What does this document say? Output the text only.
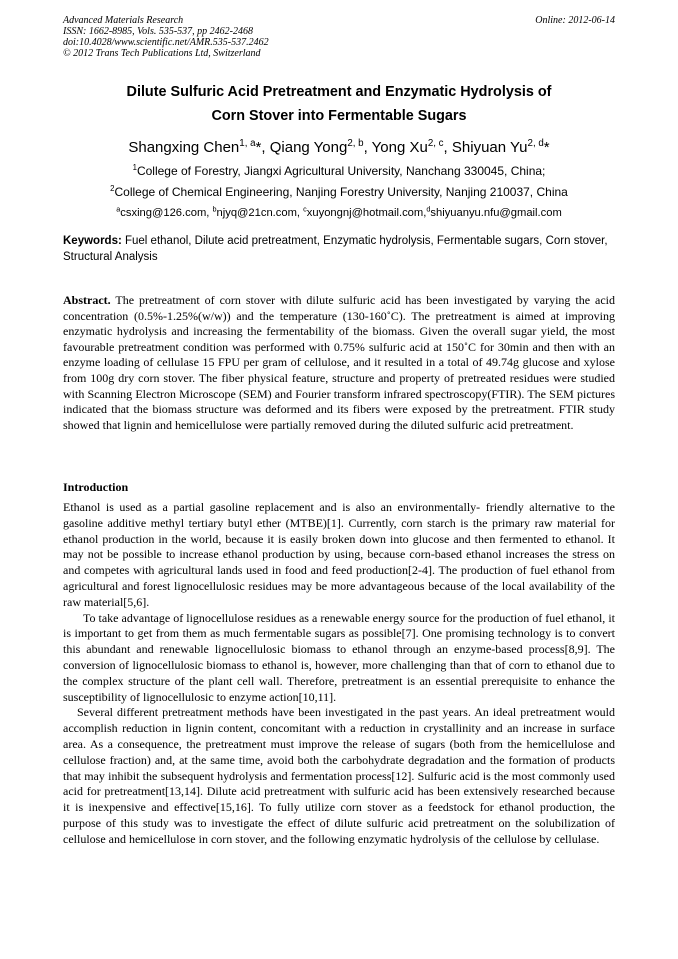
Advanced Materials Research
ISSN: 1662-8985, Vols. 535-537, pp 2462-2468
doi:10.4028/www.scientific.net/AMR.535-537.2462
© 2012 Trans Tech Publications Ltd, Switzerland
Online: 2012-06-14
Dilute Sulfuric Acid Pretreatment and Enzymatic Hydrolysis of
Corn Stover into Fermentable Sugars
Shangxing Chen$^{1, a}$*, Qiang Yong$^{2, b}$, Yong Xu$^{2, c}$, Shiyuan Yu$^{2, d}$*
$^1$College of Forestry, Jiangxi Agricultural University, Nanchang 330045, China;
$^2$College of Chemical Engineering, Nanjing Forestry University, Nanjing 210037, China
$^a$csxing@126.com, $^b$njyq@21cn.com, $^c$xuyongnj@hotmail.com,$^d$shiyuanyu.nfu@gmail.com
Keywords: Fuel ethanol, Dilute acid pretreatment, Enzymatic hydrolysis, Fermentable sugars, Corn stover, Structural Analysis
Abstract. The pretreatment of corn stover with dilute sulfuric acid has been investigated by varying the acid concentration (0.5%-1.25%(w/w)) and the temperature (130-160˚C). The pretreatment is aimed at improving enzymatic hydrolysis and increasing the fermentability of the biomass. Given the overall sugar yield, the most favourable pretreatment condition was performed with 0.75% sulfuric acid at 150˚C for 30min and then with an enzyme loading of cellulase 15 FPU per gram of cellulose, and it resulted in a total of 49.74g glucose and xylose from 100g dry corn stover. The fiber physical feature, structure and property of pretreated residues were studied with Scanning Electron Microscope (SEM) and Fourier transform infrared spectroscopy(FTIR). The SEM pictures indicated that the biomass structure was deformed and its fibers were exposed by the pretreatment. FTIR study showed that lignin and hemicellulose were partially removed during the diluted sulfuric acid pretreatment.
Introduction

Ethanol is used as a partial gasoline replacement and is also an environmentally- friendly alternative to the gasoline additive methyl tertiary butyl ether (MTBE)[1]. Currently, corn starch is the primary raw material for ethanol production in the world, because it is easily broken down into glucose and then fermented to ethanol. It may not be possible to increase ethanol production by using, because corn-based ethanol increases the stress on and competes with agricultural lands used in food and feed production[2-4]. The production of fuel ethanol from agricultural and forest lignocellulosic residues may be more advantageous because of the local availability of the raw material[5,6].

To take advantage of lignocellulose residues as a renewable energy source for the production of fuel ethanol, it is important to get from them as much fermentable sugars as possible[7]. One promising technology is to convert this abundant and renewable lignocellulosic biomass to ethanol through an enzyme-based process[8,9]. The conversion of lignocellulosic biomass to ethanol is, however, more challenging than that of corn to ethanol due to the complex structure of the plant cell wall. Therefore, pretreatment is an essential prerequisite to enhance the susceptibility of lignocellulosic to enzyme action[10,11].

Several different pretreatment methods have been investigated in the past years. An ideal pretreatment would accomplish reduction in lignin content, concomitant with a reduction in crystallinity and an increase in surface area. As a consequence, the pretreatment must improve the release of sugars (both from the hemicellulose and cellulose fraction) and, at the same time, avoid both the carbohydrate degradation and the formation of products that may inhibit the subsequent hydrolysis and fermentation process[12]. Sulfuric acid is the most commonly used acid for pretreatment[13,14]. Dilute acid pretreatment with sulfuric acid has been extensively researched because it is inexpensive and effective[15,16]. To fully utilize corn stover as a feedstock for ethanol production, the purpose of this study was to investigate the effect of dilute sulfuric acid pretreatment on the solubilization of cellulose and hemicellulose in corn stover, and the following enzymatic hydrolysis of the cellulose by cellulase.
